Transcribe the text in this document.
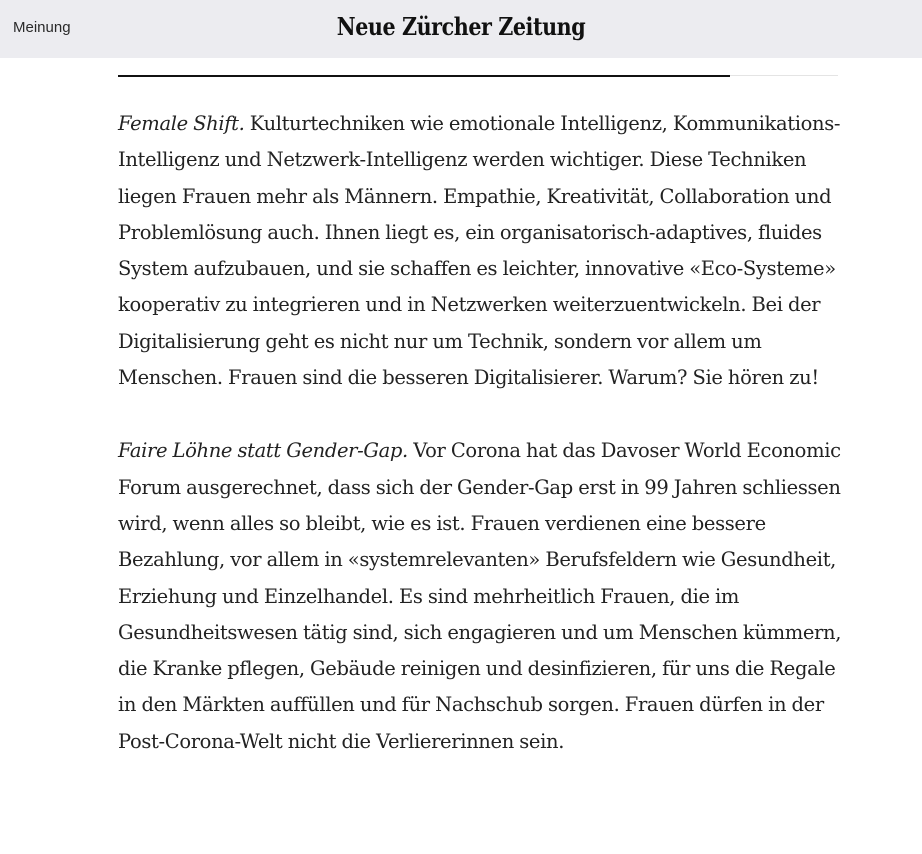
Meinung	Neue Zürcher Zeitung

Female Shift. Kulturtechniken wie emotionale Intelligenz, Kommunikations-Intelligenz und Netzwerk-Intelligenz werden wichtiger. Diese Techniken liegen Frauen mehr als Männern. Empathie, Kreativität, Collaboration und Problemlösung auch. Ihnen liegt es, ein organisatorisch-adaptives, fluides System aufzubauen, und sie schaffen es leichter, innovative «Eco-Systeme» kooperativ zu integrieren und in Netzwerken weiterzuentwickeln. Bei der Digitalisierung geht es nicht nur um Technik, sondern vor allem um Menschen. Frauen sind die besseren Digitalisierer. Warum? Sie hören zu!

Faire Löhne statt Gender-Gap. Vor Corona hat das Davoser World Economic Forum ausgerechnet, dass sich der Gender-Gap erst in 99 Jahren schliessen wird, wenn alles so bleibt, wie es ist. Frauen verdienen eine bessere Bezahlung, vor allem in «systemrelevanten» Berufsfeldern wie Gesundheit, Erziehung und Einzelhandel. Es sind mehrheitlich Frauen, die im Gesundheitswesen tätig sind, sich engagieren und um Menschen kümmern, die Kranke pflegen, Gebäude reinigen und desinfizieren, für uns die Regale in den Märkten auffüllen und für Nachschub sorgen. Frauen dürfen in der Post-Corona-Welt nicht die Verliererinnen sein.
